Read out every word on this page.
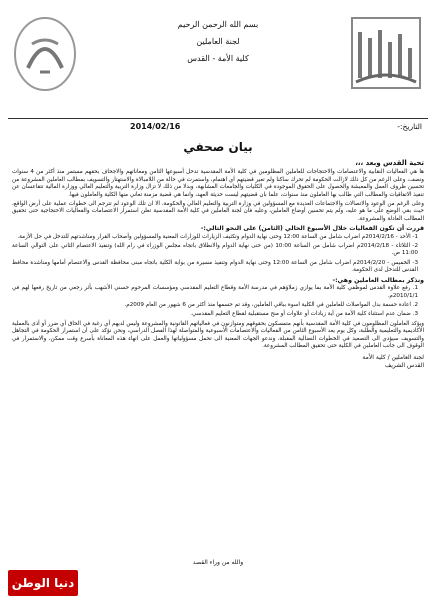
بسم الله الرحمن الرحيم
لجنة العاملين
كلية الأمة - القدس
التاريخ:-
2014/02/16
بيان صحفي

تحية القدس وبعد ،،،

ها هي الفعاليات النقابية والاعتصامات والاحتجاجات للعاملين المظلومين في كلية الأمة المقدسية تدخل أسبوعها الثامن ومعاناتهم والاجحاف بحقهم مستمر منذ أكثر من 4 سنوات ونصف، وعلى الرغم من كل ذلك لازالت الحكومة لم تحرك ساكنا ولم تعير قضيتهم أي اهتمام، واستمرت في حالة من اللامبالاة والاستهتار والتسويف بمطالب العاملين المشروعة من تحسين ظروف العمل والمعيشة والحصول على الحقوق الموجودة في الكليات والجامعات المشابهة، وبدلا من ذلك لا تزال وزارة التربية والتعليم العالي ووزارة المالية تتقاعسان عن تنفيذ الاتفاقيات والمطالب التي طالب بها العاملون منذ سنوات، علما بان قضيتهم ليست حديثة العهد، وانما هي قضية مزمنة تعاني منها الكلية والعاملون فيها.

وعلى الرغم من الوعود والاتصالات والاجتماعات العديدة مع المسؤولين في وزارة التربية والتعليم العالي والحكومة، الا ان تلك الوعود لم تترجم الى خطوات عملية على أرض الواقع، حيث بقي الوضع على ما هو عليه، ولم يتم تحسين أوضاع العاملين، وعليه فان لجنة العاملين في كلية الأمة المقدسية تعلن استمرار الاعتصامات والفعاليات الاحتجاجية حتى تحقيق المطالب العادلة والمشروعة.

قررت أن تكون الفعاليات خلال الأسبوع الحالي (الثامن) على النحو التالي:-

1- الأحد - 2014/2/16م اضراب شامل من الساعة 12:00 وحتى نهاية الدوام وتكثيف الزيارات للوزارات المعنية والمسؤولين وأصحاب القرار ومناشدتهم للتدخل في حل الأزمة.

2- الثلاثاء - 2014/2/18م اضراب شامل من الساعة 10:00 (من حتى نهاية الدوام والانطلاق باتجاه مجلس الوزراء في رام الله) وتنفيذ الاعتصام الثاني على التوالي الساعة 11:00 ص.

3- الخميس - 2014/2/20م اضراب شامل من الساعة 12:00 وحتى نهاية الدوام وتنفيذ مسيرة من بوابة الكلية باتجاه مبنى محافظة القدس والاعتصام أمامها ومناشدة محافظ القدس للتدخل لدى الحكومة.

ونذكر بمطالب العاملين وهي:-

1. رفع علاوة القدس لموظفي كلية الأمة بما يوازي زملاؤهم في مدرسة الأمة وقطاع التعليم المقدسي ومؤسسات المرحوم حسني الأشهب بأثر رجعي من تاريخ رفعها لهم في 2010/1/1م.

2. اعادة حسمة بدل المواصلات للعاملين في الكلية اسوة بباقي العاملين، وقد تم حسمها منذ أكثر من 6 شهور من العام 2009م.

3. ضمان عدم استثناء كلية الأمة من أية زيادات أو علاوات أو منح مستقبلية لقطاع التعليم المقدسي.

ويؤكد العاملون المظلومون في كلية الأمة المقدسية بأنهم متمسكون بحقوقهم ومتوازنون في فعالياتهم القانونية والمشروعة وليس لديهم أي رغبة في الحاق أي ضرر أو أذى بالعملية الأكاديمية والتعليمية والطلبة، وكل يوم يعد الأسبوع الثامن من الفعاليات والاعتصامات الأسبوعية والمتواصلة لهذا الفصل الدراسي، ونحن نؤكد على أن استمرار الحكومة في التجاهل والتسويف سيؤدي الى التصعيد في الخطوات النضالية المقبلة، وندعو الجهات المعنية الى تحمل مسؤولياتها والعمل على انهاء هذه المعاناة بأسرع وقت ممكن، والاستمرار في الوقوف الى جانب العاملين في الكلية حتى تحقيق المطالب المشروعة.

لجنة العاملين / كلية الأمة
القدس الشريف
والله من وراء القصد
دنيا الوطن
